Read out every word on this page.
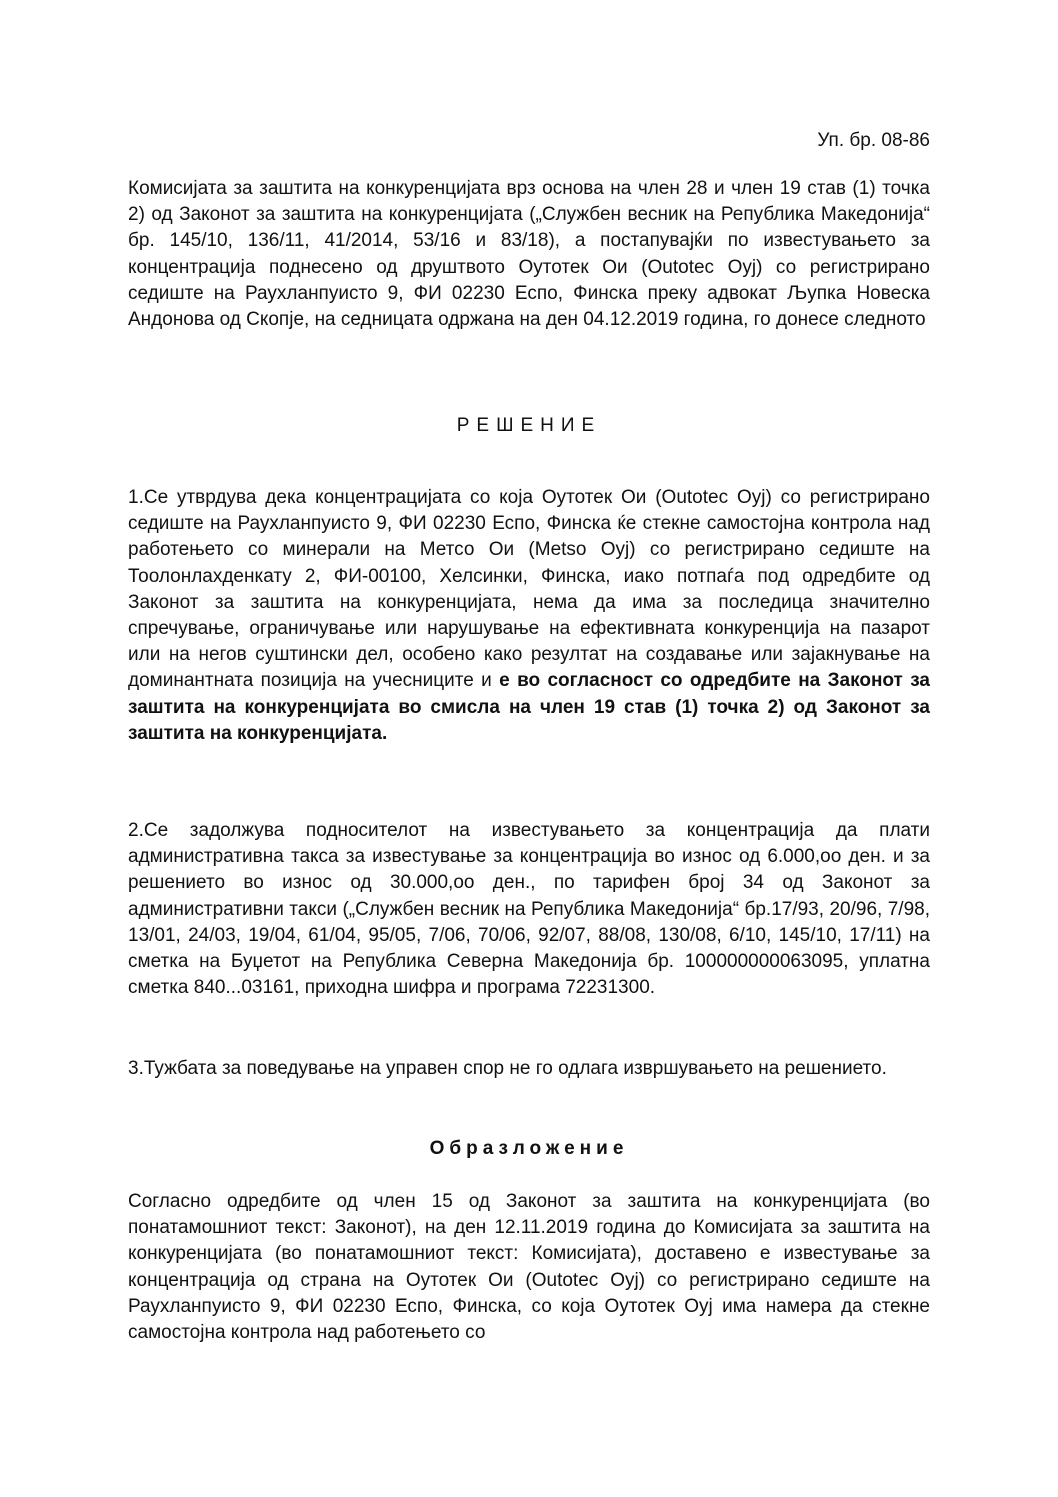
Уп. бр. 08-86

Комисијата за заштита на конкуренцијата врз основа на член 28 и член 19 став (1) точка 2) од Законот за заштита на конкуренцијата („Службен весник на Република Македонија“ бр. 145/10, 136/11, 41/2014, 53/16 и 83/18), а постапувајќи по известувањето за концентрација поднесено од друштвото Оутотек Ои (Outotec Oyj) со регистрирано седиште на Раухланпуисто 9, ФИ 02230 Еспо, Финска преку адвокат Љупка Новеска Андонова од Скопје, на седницата одржана на ден 04.12.2019 година, го донесе следното

РЕШЕНИЕ

1.Се утврдува дека концентрацијата со која Оутотек Ои (Outotec Oyj) со регистрирано седиште на Раухланпуисто 9, ФИ 02230 Еспо, Финска ќе стекне самостојна контрола над работењето со минерали на Метсо Ои (Metso Oyj) со регистрирано седиште на Тоолонлахденкату 2, ФИ-00100, Хелсинки, Финска, иако потпаѓа под одредбите од Законот за заштита на конкуренцијата, нема да има за последица значително спречување, ограничување или нарушување на ефективната конкуренција на пазарот или на негов суштински дел, особено како резултат на создавање или зајакнување на доминантната позиција на учесниците и е во согласност со одредбите на Законот за заштита на конкуренцијата во смисла на член 19 став (1) точка 2) од Законот за заштита на конкуренцијата.

2.Се задолжува подносителот на известувањето за концентрација да плати административна такса за известување за концентрација во износ од 6.000,оо ден. и за решението во износ од 30.000,оо ден., по тарифен број 34 од Законот за административни такси („Службен весник на Република Македонија“ бр.17/93, 20/96, 7/98, 13/01, 24/03, 19/04, 61/04, 95/05, 7/06, 70/06, 92/07, 88/08, 130/08, 6/10, 145/10, 17/11) на сметка на Буџетот на Република Северна Македонија бр. 100000000063095, уплатна сметка 840...03161, приходна шифра и програма 72231300.

3.Тужбата за поведување на управен спор не го одлага извршувањето на решението.

Образложение

Согласно одредбите од член 15 од Законот за заштита на конкуренцијата (во понатамошниот текст: Законот), на ден 12.11.2019 година до Комисијата за заштита на конкуренцијата (во понатамошниот текст: Комисијата), доставено е известување за концентрација од страна на Оутотек Ои (Outotec Oyj) со регистрирано седиште на Раухланпуисто 9, ФИ 02230 Еспо, Финска, со која Оутотек Оуј има намера да стекне самостојна контрола над работењето со
